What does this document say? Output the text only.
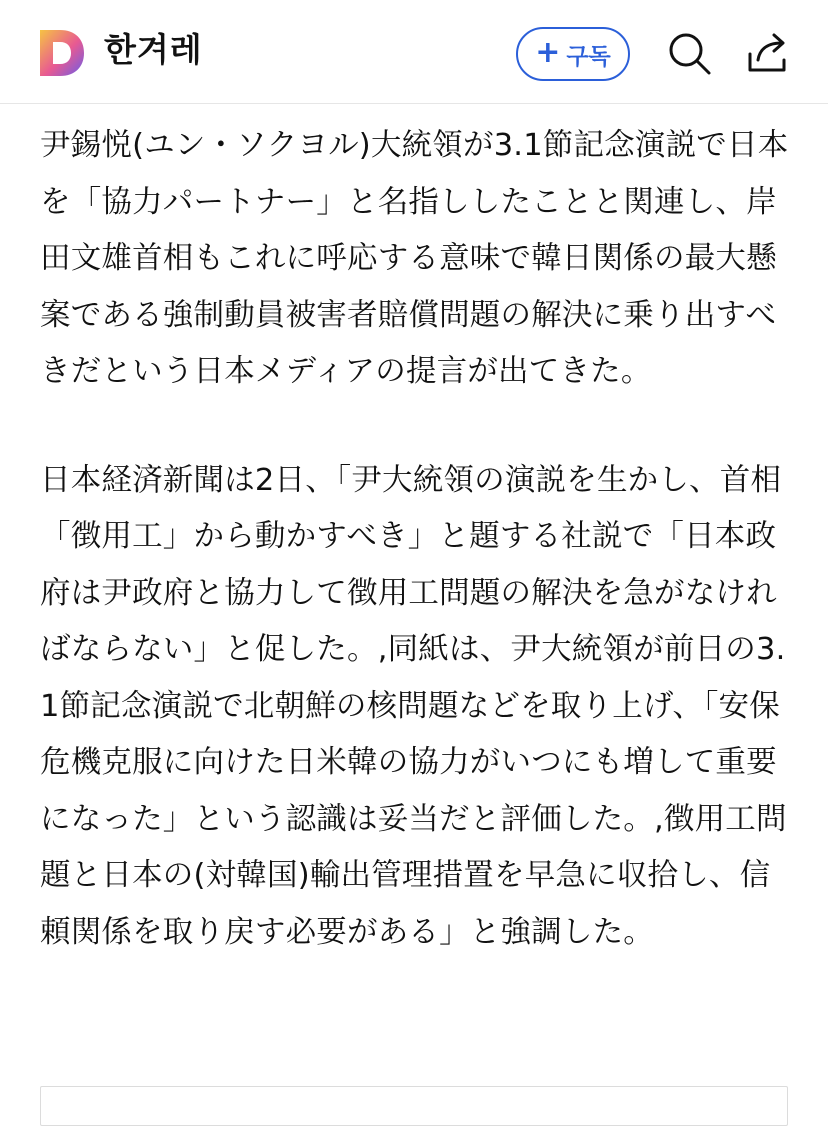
한겨레	+ 구독

尹錫悦(ユン・ソクヨル)大統領が3.1節記念演説で日本を「協力パートナー」と名指ししたことと関連し、岸田文雄首相もこれに呼応する意味で韓日関係の最大懸案である強制動員被害者賠償問題の解決に乗り出すべきだという日本メディアの提言が出てきた。

日本経済新聞は2日、「尹大統領の演説を生かし、首相「徴用工」から動かすべき」と題する社説で「日本政府は尹政府と協力して徴用工問題の解決を急がなければならない」と促した。,同紙は、尹大統領が前日の3.1節記念演説で北朝鮮の核問題などを取り上げ、「安保危機克服に向けた日米韓の協力がいつにも増して重要になった」という認識は妥当だと評価した。,徴用工問題と日本の(対韓国)輸出管理措置を早急に収拾し、信頼関係を取り戻す必要がある」と強調した。
